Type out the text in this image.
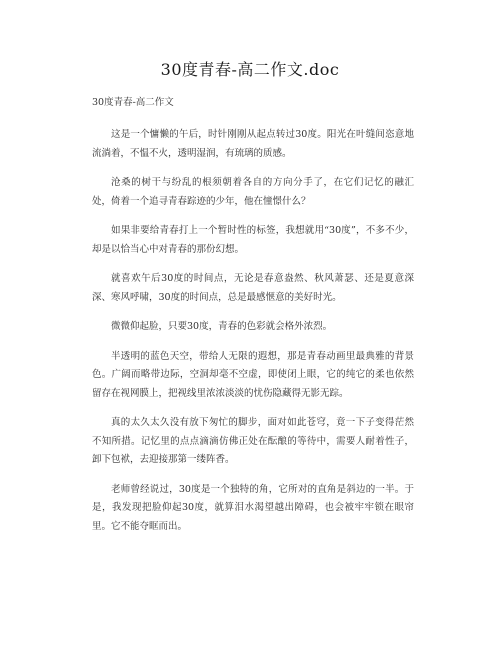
30度青春-高二作文.doc

30度青春-高二作文

这是一个慵懒的午后，时针刚刚从起点转过30度。阳光在叶缝间恣意地流淌着，不愠不火，透明湿润，有琉璃的质感。

沧桑的树干与纷乱的根须朝着各自的方向分手了，在它们记忆的融汇处，倚着一个追寻青春踪迹的少年，他在憧憬什么？

如果非要给青春打上一个暂时性的标签，我想就用“30度”，不多不少，却是以恰当心中对青春的那份幻想。

就喜欢午后30度的时间点，无论是春意盎然、秋风萧瑟、还是夏意深深、寒风呼啸，30度的时间点，总是最感惬意的美好时光。

微微仰起脸，只要30度，青春的色彩就会格外浓烈。

半透明的蓝色天空，带给人无限的遐想，那是青春动画里最典雅的背景色。广阔而略带边际，空洞却毫不空虚，即使闭上眼，它的纯它的柔也依然留存在视网膜上，把视线里浓浓淡淡的忧伤隐藏得无影无踪。

真的太久太久没有放下匆忙的脚步，面对如此苍穹，竟一下子变得茫然不知所措。记忆里的点点滴滴仿佛正处在酝酿的等待中，需要人耐着性子，卸下包袱，去迎接那第一缕阵香。

老师曾经说过，30度是一个独特的角，它所对的直角是斜边的一半。于是，我发现把脸仰起30度，就算泪水渴望越出障碍，也会被牢牢锁在眼帘里。它不能夺眶而出。
